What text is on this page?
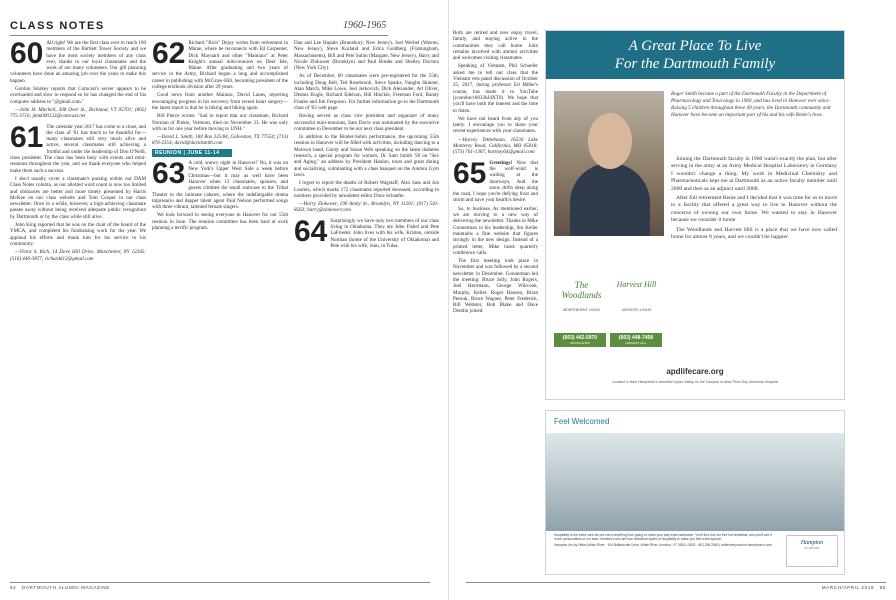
CLASS NOTES	1960-1965

60 All right! We are the first class ever to reach 100 members of the Bartlett Tower Society and we have the most society members of any class ever, thanks to our loyal classmates and the work of our many volunteers. Our gift planning volunteers have done an amazing job over the years to make this happen.

Gordon Starkey reports that Comcast's server appears to be overloaded and slow to respond so he has changed the end of his computer address to "@gmail.com."

—John H. Mitchell, 308 Over St., Richland, VT 05701; (802) 775-3716; jmm000123@comcast.net

61 The calendar year 2017 has come to a close, and the class of '61 has much to be thankful for—many classmates still very much alive and active, several classmates still achieving a fruitful and under the leadership of Don O'Neill, class president. The class has been busy with events and mini-reunions throughout the year, and we thank everyone who helped make them such a success.

I don't usually cover a classmate's passing within our DAM Class Notes column, as our allotted word count is now too limited and obituaries are better and more timely presented by Harris McKee on our class website and Tom Cooper in our class newsletter. Once in a while, however, a high-achieving classmate passes away without being received adequate public recognition by Dartmouth or by the class while still alive.

John King reported that he was on the chair of the board of the YMCA, and completed his fundraising work for the year. We applaud his efforts and thank him for his service to his community.

—Victor S. Rich, 14 Dove Hill Drive, Manchester, NY 12345; (516) 446-3877; richardd12@gmail.com

62 Richard "Rich" Dejoy writes from retirement in Maine, where he reconnects with Ed Carpenter, Dick Maynard and other "Mainiacs" at Peter Knight's annual mini-reunion on Deer Isle, Maine. After graduating and two years of service in the Army, Richard began a long and accomplished career in publishing with McGraw-Hill, becoming president of the college textbook division after 29 years.

Good news from another Mainiac, David Lanes, reporting encouraging progress in his recovery from recent heart surgery—the latest report is that he is biking and hiking again.

Bill Pierce writes: "Sad to report that our classmate, Richard Norman of Pinkie, Vermont, died on November 23. He was only with us for one year before moving to UNH."

—David L. Smith, 184 Box 225/84, Galveston, TX 77554; (713) 870-2354; david@davidsmith.com

REUNION | JUNE 11-14

63 A cold, snowy night in Hanover? No, it was on New York's Upper West Side a week before Christmas—but it may as well have been Hanover when 13 classmates, spouses, and guests climbed the small staircase to the Tribal Theater to the intimate cabaret, where the indefatigable drama impresario and dapper talent agent Paul Nelson performed songs with three vibrant, talented female singers.

We look forward to seeing everyone in Hanover for our 55th reunion in June. The reunion committee has been hard at work planning a terrific program.

Dan and Lee Hupalo (Brunsbury, New Jersey), Joel Werbel (Warren, New Jersey), Steve Kurland and Erica Goldberg (Framingham, Massachusetts), Bill and Pete Subin (Margate, New Jersey), Harry and Nicole Zlokower (Brooklyn) and Paul Binder and Shelley Doctors (New York City).

As of December, 60 classmates were pre-registered for the 55th, including Doug Bell, Ted Rosebrook, Steve Sparks, Vaughn Skinner, Alan March, Mike Lowe, Joel Jerkovich, Dick Alexander, Art Oliver, Dennis Kugle, Richard Edelson, Bill Hinckle, Freeman Ford, Randy Franke and Jim Ferguson. For further information go to the Dartmouth class of '63 web page.

Having served as class vice president and organizer of many successful mini-reunions, Sam Davis was nominated by the executive committee in December to be our next class president.

In addition to the Binder-Subin performance, the upcoming 55th reunion in Hanover will be filled with activities, including dancing to a Motown band. Gordy and Susan Web speaking on the latest diabetes research, a special program for women, Dr. Sam Smith '58 on "Sex and Aging," an address by President Hanlon, tours and great dining and socializing, culminating with a class banquet on the Alumni Gym lawn.

I regret to report the deaths of Robert Wagstaff, Alex Sass and Jon Loomis, which marks 172 classmates reported deceased, according to numbers provided by newsletter editor Dave Schaefer.

—Harry Zlokower, 190 Amity St., Brooklyn, NY 11201; (917) 541-8563; harry@zlokower.com

64 Surprisingly we have only two members of our class living in Oklahoma. They are John Fishel and Pete LaFrieder. John lives with his wife, Kristen, outside Norman (home of the University of Oklahoma) and Pete with his wife, Jean, in Tulsa.

Both are retired and now enjoy travel, family, and staying active in the communities they call home. John remains involved with alumni activities and welcomes visiting classmates.

Speaking of Vietnam, Phil Schaefer asked me to tell our class that the Vietnam vets panel discussion of October 25, 2017, during professor Ed Miller's course, has made it to YouTube (youtube/c6833hJ4XT0). We hope that you'll have both the interest and the time to listen.

We have not heard from any of you lately. I encourage you to share your recent experiences with your classmates.

—Harvey Tettlebaum, 16230 Lake Monterey Road, California, MO 65018; (573) 761-1307; hartney64@gmail.com

65 Greetings! Now that the wolf-wind is wailing at the doorways, And the snow drifts deep along the road, I hope you're defying frost and storm and have your hearth's desire.

So, to business. As mentioned earlier, we are moving to a new way of delivering the newsletter. Thanks to Mike Gonnerman in his leadership, Stu Keller maintains a fine website that figures strongly in the new design. Instead of a printed letter, Mike hosts quarterly conference calls.

The first meeting took place in November and was followed by a second newsletter in December. Gonnerman led the meeting: Bruce Jolly, John Rogers, Joel Herrmann, George Wiltcook, Murphy, Keller, Roger Hansen, Brian Perouk, Bruce Wagner, Peter Frederick, Bill Webster, Bob Blake and Dave Dentlin joined.

A Great Place To Live
For the Dartmouth Family
Roger Smith became a part of the Dartmouth Faculty in the Department of Pharmacology and Toxicology in 1960, and has lived in Hanover ever since. Raising 5 children throughout these 49 years, the Dartmouth community and Hanover have become an important part of his and his wife Renie's lives.

Joining the Dartmouth faculty in 1960 wasn't exactly the plan, but after serving in the army at an Army Medical Hospital Laboratory in Germany I wouldn't change a thing. My work in Medicinal Chemistry and Pharmaceuticals kept me at Dartmouth as an active faculty member until 2000 and then as an adjunct until 2008.

After full retirement Renie and I decided that it was time for us to move to a facility that offered a great way to live in Hanover without the concerns of owning our own home. We wanted to stay in Hanover because we consider it home.

The Woodlands and Harvest Hill is a place that we have now called home for almost 8 years, and we couldn't be happier.

The Woodlands
Harvest Hill
INDEPENDENT LIVING	ASSISTED LIVING
(603) 442-5970
WOODLANDS

(603) 448-7458
HARVEST HILL
apdlifecare.org
Located in New Hampshire's beautiful Upper Valley on the Campus of Alice Peck Day Memorial Hospital
Feel Welcomed
Hospitality is the extra care we put into everything from going to make your stay extra awesome. You'll find it at our free hot breakfast, and you'll see it in the personalities of our team members who are true individual styles of hospitality to make you feel extra special.
Hampton Inn by Hilton White River · 104 Ballardvale Drive, White River Junction, VT 05001-3830 · 802.296.2800 | whiteriverjunction.hamptoninn.com	Hampton
by HILTON
64 DARTMOUTH ALUMNI MAGAZINE	MARCH/APRIL 2018 65
